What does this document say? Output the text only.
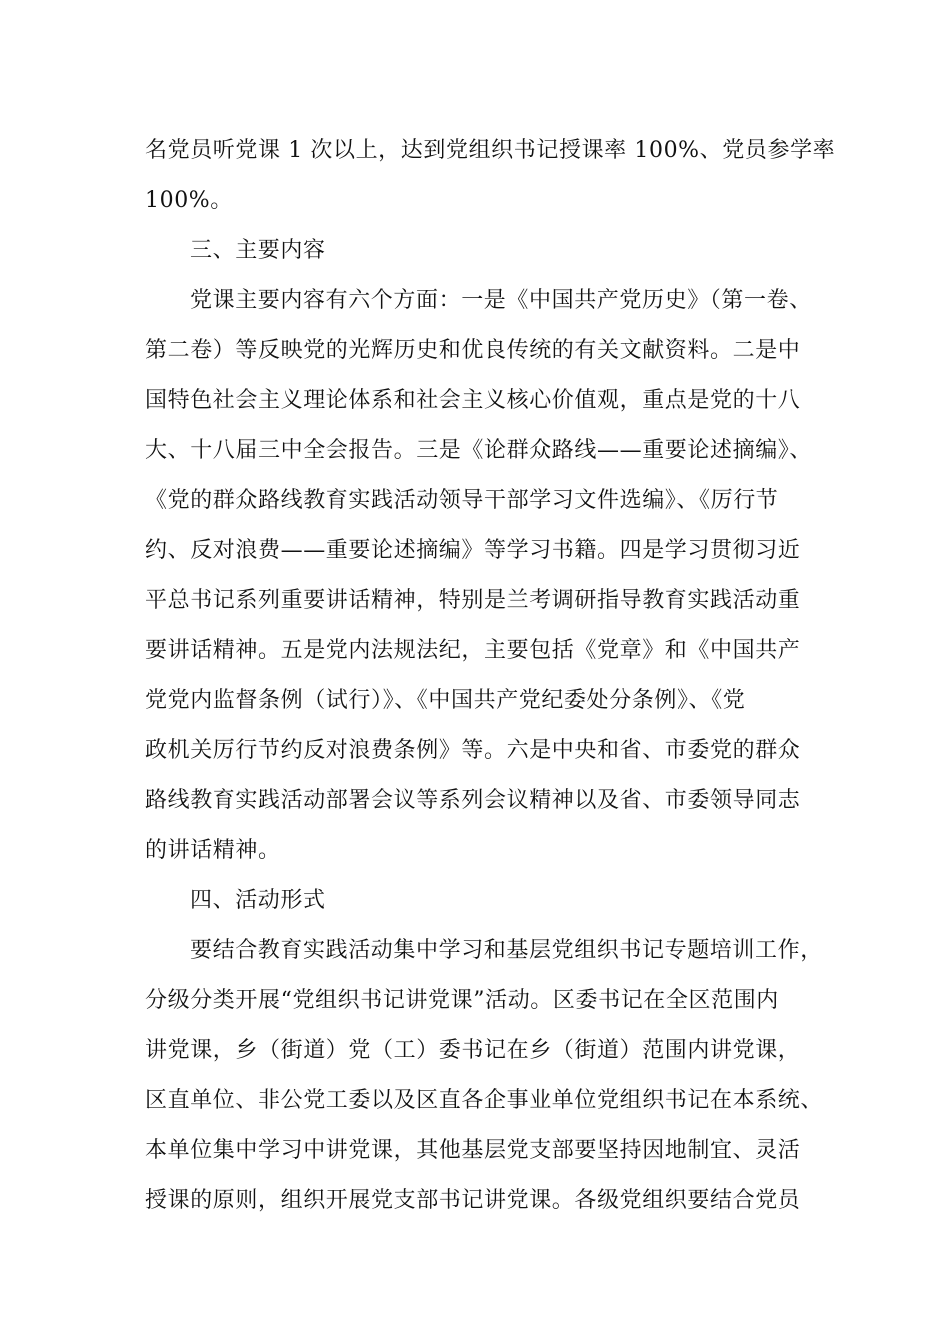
名党员听党课 1 次以上，达到党组织书记授课率 100%、党员参学率
100%。
三、主要内容
党课主要内容有六个方面：一是《中国共产党历史》（第一卷、
第二卷）等反映党的光辉历史和优良传统的有关文献资料。二是中
国特色社会主义理论体系和社会主义核心价值观，重点是党的十八
大、十八届三中全会报告。三是《论群众路线——重要论述摘编》、
《党的群众路线教育实践活动领导干部学习文件选编》、《厉行节
约、反对浪费——重要论述摘编》等学习书籍。四是学习贯彻习近
平总书记系列重要讲话精神，特别是兰考调研指导教育实践活动重
要讲话精神。五是党内法规法纪，主要包括《党章》和《中国共产
党党内监督条例（试行）》、《中国共产党纪委处分条例》、《党
政机关厉行节约反对浪费条例》等。六是中央和省、市委党的群众
路线教育实践活动部署会议等系列会议精神以及省、市委领导同志
的讲话精神。
四、活动形式
要结合教育实践活动集中学习和基层党组织书记专题培训工作，
分级分类开展“党组织书记讲党课”活动。区委书记在全区范围内
讲党课，乡（街道）党（工）委书记在乡（街道）范围内讲党课，
区直单位、非公党工委以及区直各企事业单位党组织书记在本系统、
本单位集中学习中讲党课，其他基层党支部要坚持因地制宜、灵活
授课的原则，组织开展党支部书记讲党课。各级党组织要结合党员
